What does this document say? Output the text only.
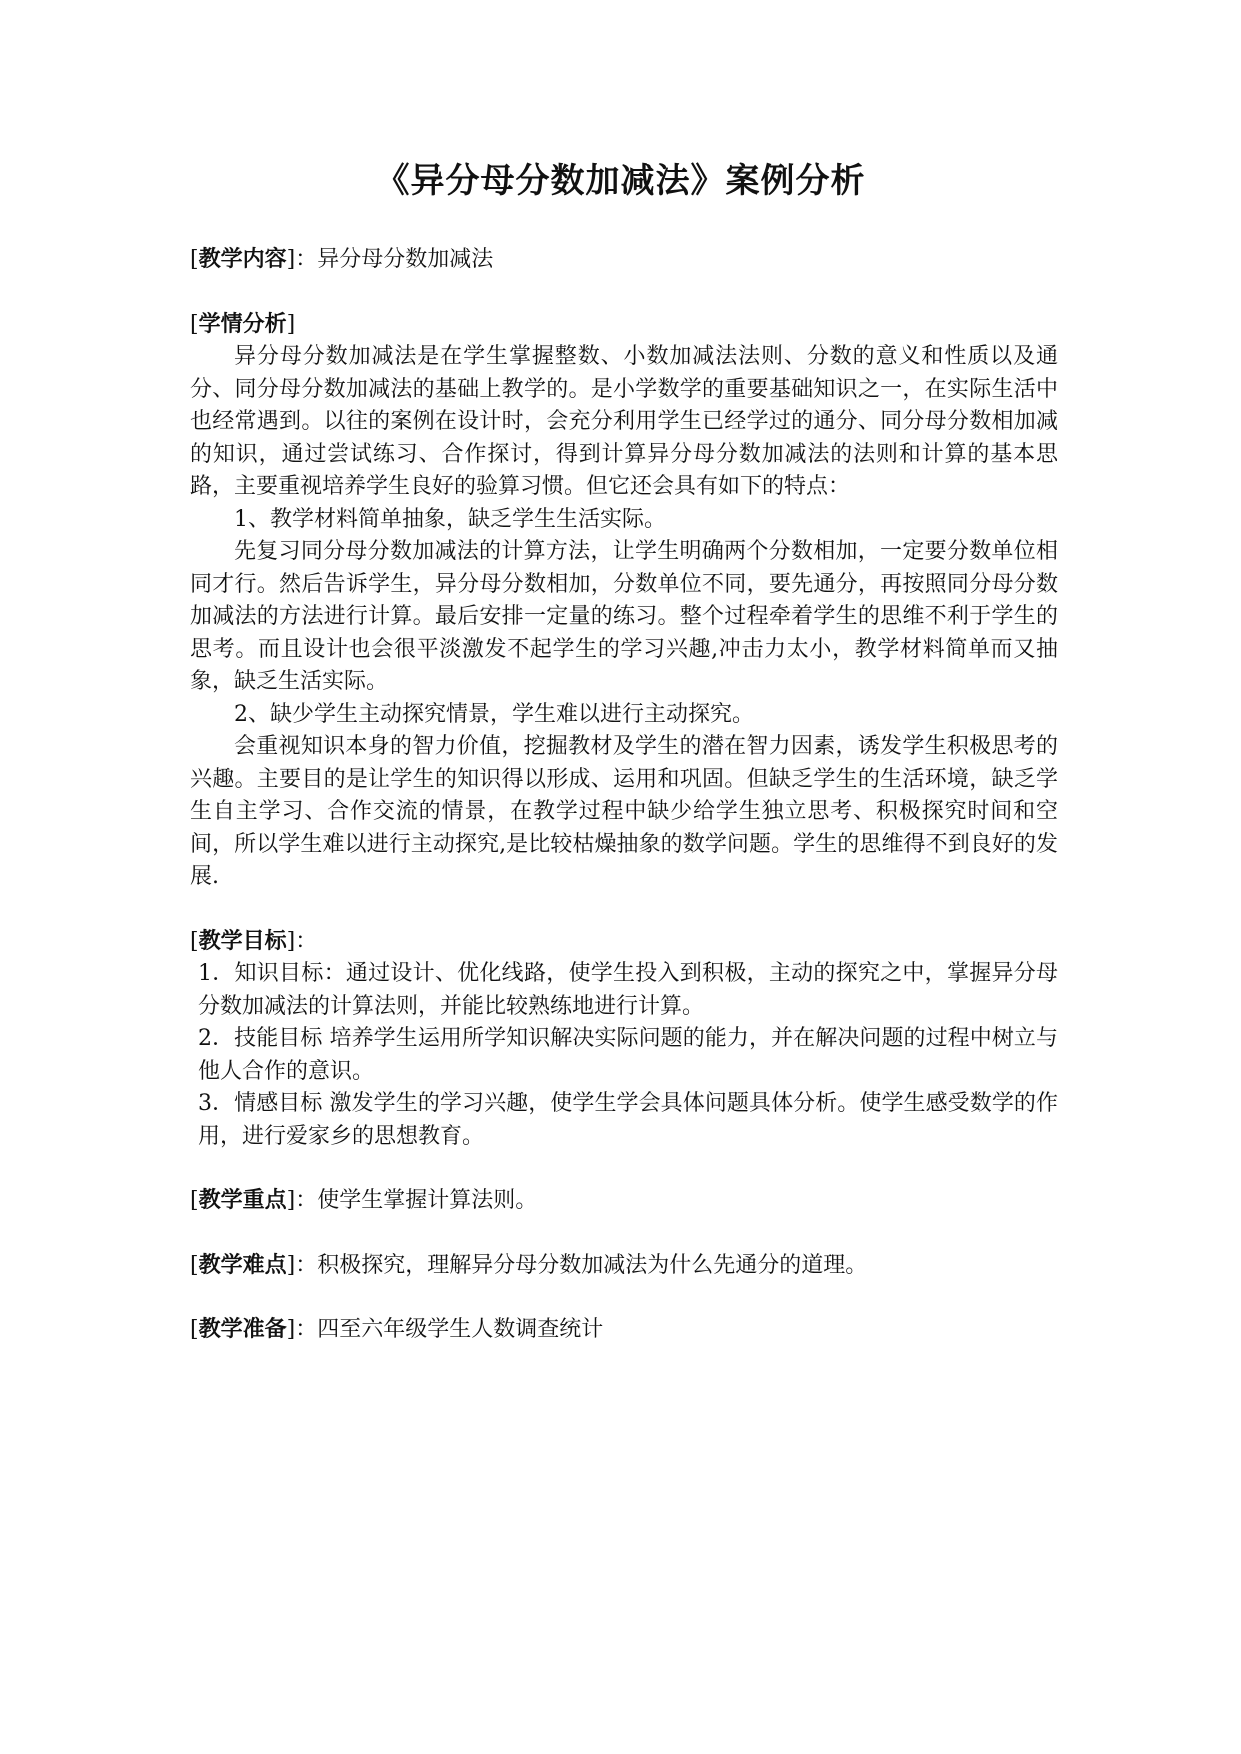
《异分母分数加减法》案例分析

[教学内容]：异分母分数加减法

[学情分析]

异分母分数加减法是在学生掌握整数、小数加减法法则、分数的意义和性质以及通分、同分母分数加减法的基础上教学的。是小学数学的重要基础知识之一，在实际生活中也经常遇到。以往的案例在设计时，会充分利用学生已经学过的通分、同分母分数相加减的知识，通过尝试练习、合作探讨，得到计算异分母分数加减法的法则和计算的基本思路，主要重视培养学生良好的验算习惯。但它还会具有如下的特点：

1、教学材料简单抽象，缺乏学生生活实际。

先复习同分母分数加减法的计算方法，让学生明确两个分数相加，一定要分数单位相同才行。然后告诉学生，异分母分数相加，分数单位不同，要先通分，再按照同分母分数加减法的方法进行计算。最后安排一定量的练习。整个过程牵着学生的思维不利于学生的思考。而且设计也会很平淡激发不起学生的学习兴趣,冲击力太小，教学材料简单而又抽象，缺乏生活实际。

2、缺少学生主动探究情景，学生难以进行主动探究。

会重视知识本身的智力价值，挖掘教材及学生的潜在智力因素，诱发学生积极思考的兴趣。主要目的是让学生的知识得以形成、运用和巩固。但缺乏学生的生活环境，缺乏学生自主学习、合作交流的情景，在教学过程中缺少给学生独立思考、积极探究时间和空间，所以学生难以进行主动探究,是比较枯燥抽象的数学问题。学生的思维得不到良好的发展.

[教学目标]：

1．知识目标：通过设计、优化线路，使学生投入到积极，主动的探究之中，掌握异分母分数加减法的计算法则，并能比较熟练地进行计算。

2．技能目标 培养学生运用所学知识解决实际问题的能力，并在解决问题的过程中树立与他人合作的意识。

3．情感目标 激发学生的学习兴趣，使学生学会具体问题具体分析。使学生感受数学的作用，进行爱家乡的思想教育。

[教学重点]：使学生掌握计算法则。

[教学难点]：积极探究，理解异分母分数加减法为什么先通分的道理。

[教学准备]：四至六年级学生人数调查统计
